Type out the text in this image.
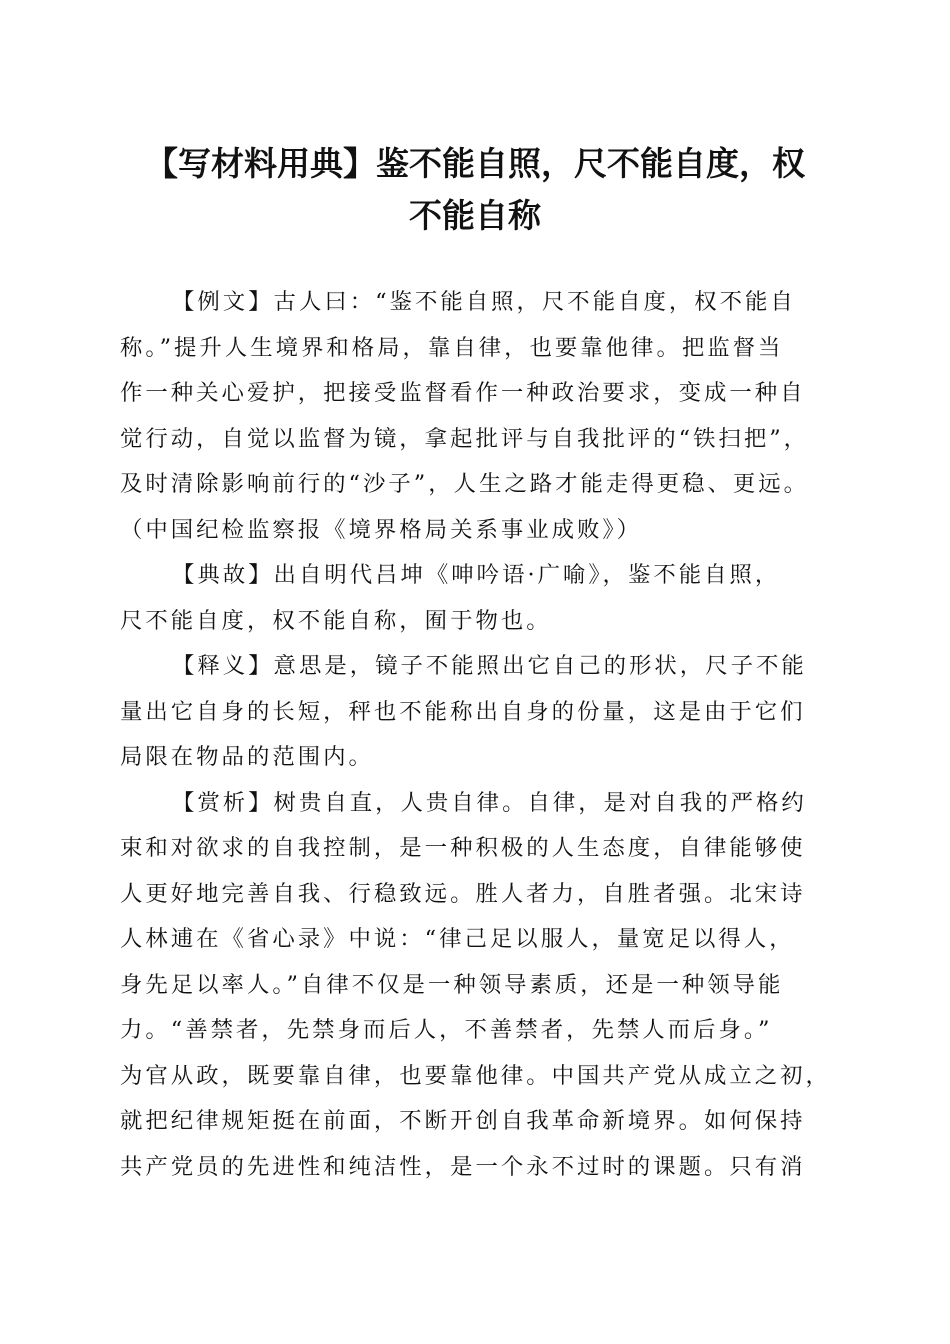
【写材料用典】鉴不能自照，尺不能自度，权
不能自称
【例文】古人曰：“鉴不能自照，尺不能自度，权不能自
称。”提升人生境界和格局，靠自律，也要靠他律。把监督当
作一种关心爱护，把接受监督看作一种政治要求，变成一种自
觉行动，自觉以监督为镜，拿起批评与自我批评的“铁扫把”，
及时清除影响前行的“沙子”，人生之路才能走得更稳、更远。
（中国纪检监察报《境界格局关系事业成败》）
【典故】出自明代吕坤《呻吟语·广喻》，鉴不能自照，
尺不能自度，权不能自称，囿于物也。
【释义】意思是，镜子不能照出它自己的形状，尺子不能
量出它自身的长短，秤也不能称出自身的份量，这是由于它们
局限在物品的范围内。
【赏析】树贵自直，人贵自律。自律，是对自我的严格约
束和对欲求的自我控制，是一种积极的人生态度，自律能够使
人更好地完善自我、行稳致远。胜人者力，自胜者强。北宋诗
人林逋在《省心录》中说：“律己足以服人，量宽足以得人，
身先足以率人。”自律不仅是一种领导素质，还是一种领导能
力。“善禁者，先禁身而后人，不善禁者，先禁人而后身。”
为官从政，既要靠自律，也要靠他律。中国共产党从成立之初，
就把纪律规矩挺在前面，不断开创自我革命新境界。如何保持
共产党员的先进性和纯洁性，是一个永不过时的课题。只有消
